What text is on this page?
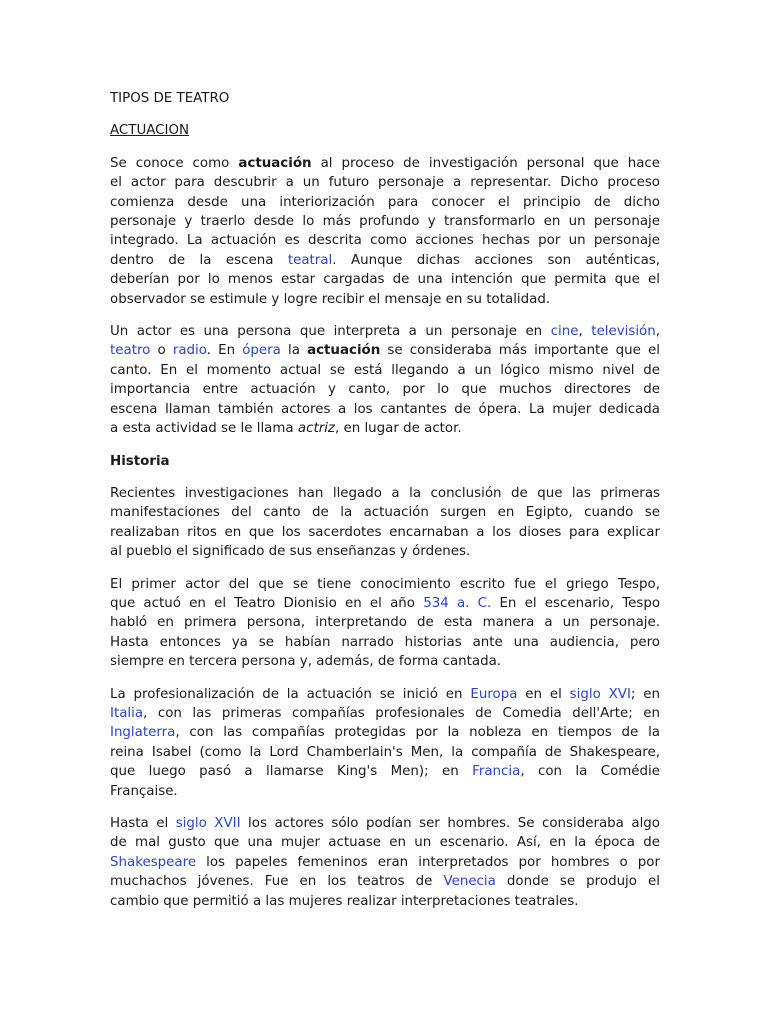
TIPOS DE TEATRO
ACTUACION
Se conoce como actuación al proceso de investigación personal que hace
el actor para descubrir a un futuro personaje a representar. Dicho proceso
comienza desde una interiorización para conocer el principio de dicho
personaje y traerlo desde lo más profundo y transformarlo en un personaje
integrado. La actuación es descrita como acciones hechas por un personaje
dentro de la escena teatral. Aunque dichas acciones son auténticas,
deberían por lo menos estar cargadas de una intención que permita que el
observador se estimule y logre recibir el mensaje en su totalidad.
Un actor es una persona que interpreta a un personaje en cine, televisión,
teatro o radio. En ópera la actuación se consideraba más importante que el
canto. En el momento actual se está llegando a un lógico mismo nivel de
importancia entre actuación y canto, por lo que muchos directores de
escena llaman también actores a los cantantes de ópera. La mujer dedicada
a esta actividad se le llama actriz, en lugar de actor.
Historia
Recientes investigaciones han llegado a la conclusión de que las primeras
manifestaciones del canto de la actuación surgen en Egipto, cuando se
realizaban ritos en que los sacerdotes encarnaban a los dioses para explicar
al pueblo el significado de sus enseñanzas y órdenes.
El primer actor del que se tiene conocimiento escrito fue el griego Tespo,
que actuó en el Teatro Dionisio en el año 534 a. C. En el escenario, Tespo
habló en primera persona, interpretando de esta manera a un personaje.
Hasta entonces ya se habían narrado historias ante una audiencia, pero
siempre en tercera persona y, además, de forma cantada.
La profesionalización de la actuación se inició en Europa en el siglo XVI; en
Italia, con las primeras compañías profesionales de Comedia dell'Arte; en
Inglaterra, con las compañías protegidas por la nobleza en tiempos de la
reina Isabel (como la Lord Chamberlain's Men, la compañía de Shakespeare,
que luego pasó a llamarse King's Men); en Francia, con la Comédie
Française.
Hasta el siglo XVII los actores sólo podían ser hombres. Se consideraba algo
de mal gusto que una mujer actuase en un escenario. Así, en la época de
Shakespeare los papeles femeninos eran interpretados por hombres o por
muchachos jóvenes. Fue en los teatros de Venecia donde se produjo el
cambio que permitió a las mujeres realizar interpretaciones teatrales.
